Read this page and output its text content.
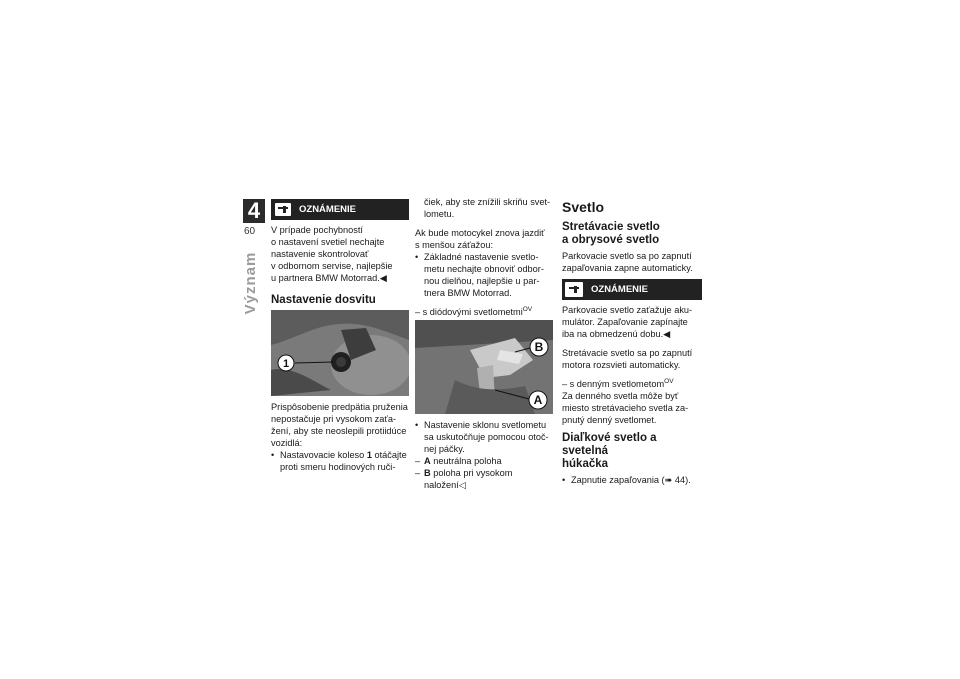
4
60
Význam
OZNÁMENIE

V prípade pochybností
o nastavení svetiel nechajte
nastavenie skontrolovať
v odbornom servise, najlepšie
u partnera BMW Motorrad.◀

Nastavenie dosvitu
1

Prispôsobenie predpätia pruženia
nepostačuje pri vysokom zaťa-
žení, aby ste neoslepili protiidúce
vozidlá:

• Nastavovacie koleso 1 otáčajte
proti smeru hodinových ruči-
čiek, aby ste znížili skriňu svet-
lometu.

Ak bude motocykel znova jazdiť
s menšou záťažou:

• Základné nastavenie svetlo-
metu nechajte obnoviť odbor-
nou dielňou, najlepšie u par-
tnera BMW Motorrad.

– s diódovými svetlometmi$^{OV}$

B
A
• Nastavenie sklonu svetlometu
sa uskutočňuje pomocou otoč-
nej páčky.
– A neutrálna poloha
– B poloha pri vysokom
naložení◁
Svetlo
Stretávacie svetlo
a obrysové svetlo

Parkovacie svetlo sa po zapnutí
zapaľovania zapne automaticky.

OZNÁMENIE

Parkovacie svetlo zaťažuje aku-
mulátor. Zapaľovanie zapínajte
iba na obmedzenú dobu.◀

Stretávacie svetlo sa po zapnutí
motora rozsvieti automaticky.

– s denným svetlometom$^{OV}$

Za denného svetla môže byť
miesto stretávacieho svetla za-
pnutý denný svetlomet.

Diaľkové svetlo a svetelná
húkačka
• Zapnutie zapaľovania (➠ 44).
